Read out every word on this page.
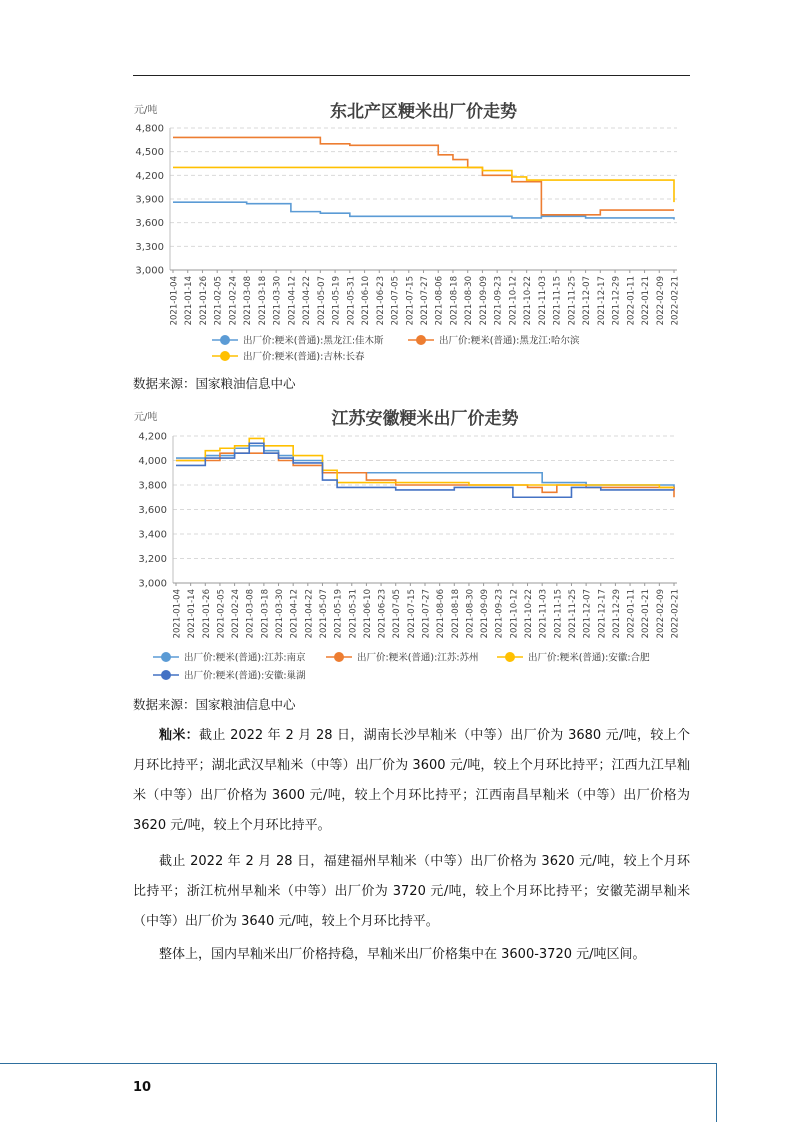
东北产区粳米出厂价走势
元/吨
3,000
3,300
3,600
3,900
4,200
4,500
4,800
2021-01-04 2021-01-14 2021-01-26 2021-02-05 2021-02-24 2021-03-08 2021-03-18 2021-03-30 2021-04-12 2021-04-22 2021-05-07 2021-05-19 2021-05-31 2021-06-10 2021-06-23 2021-07-05 2021-07-15 2021-07-27 2021-08-06 2021-08-18 2021-08-30 2021-09-09 2021-09-23 2021-10-12 2021-10-22 2021-11-03 2021-11-15 2021-11-25 2021-12-07 2021-12-17 2021-12-29 2022-01-11 2022-01-21 2022-02-09 2022-02-21
出厂价:粳米(普通):黑龙江:佳木斯	出厂价:粳米(普通):黑龙江:哈尔滨
出厂价:粳米(普通):吉林:长春
数据来源：国家粮油信息中心
江苏安徽粳米出厂价走势
元/吨
3,000
3,200
3,400
3,600
3,800
4,000
4,200
2021-01-04 2021-01-14 2021-01-26 2021-02-05 2021-02-24 2021-03-08 2021-03-18 2021-03-30 2021-04-12 2021-04-22 2021-05-07 2021-05-19 2021-05-31 2021-06-10 2021-06-23 2021-07-05 2021-07-15 2021-07-27 2021-08-06 2021-08-18 2021-08-30 2021-09-09 2021-09-23 2021-10-12 2021-10-22 2021-11-03 2021-11-15 2021-11-25 2021-12-07 2021-12-17 2021-12-29 2022-01-11 2022-01-21 2022-02-09 2022-02-21
出厂价:粳米(普通):江苏:南京	出厂价:粳米(普通):江苏:苏州	出厂价:粳米(普通):安徽:合肥
出厂价:粳米(普通):安徽:巢湖
数据来源：国家粮油信息中心

籼米：截止 2022 年 2 月 28 日，湖南长沙早籼米（中等）出厂价为 3680 元/吨，较上个月环比持平；湖北武汉早籼米（中等）出厂价为 3600 元/吨，较上个月环比持平；江西九江早籼米（中等）出厂价格为 3600 元/吨，较上个月环比持平；江西南昌早籼米（中等）出厂价格为 3620 元/吨，较上个月环比持平。

截止 2022 年 2 月 28 日，福建福州早籼米（中等）出厂价格为 3620 元/吨，较上个月环比持平；浙江杭州早籼米（中等）出厂价为 3720 元/吨，较上个月环比持平；安徽芜湖早籼米（中等）出厂价为 3640 元/吨，较上个月环比持平。

整体上，国内早籼米出厂价格持稳，早籼米出厂价格集中在 3600-3720 元/吨区间。

10
